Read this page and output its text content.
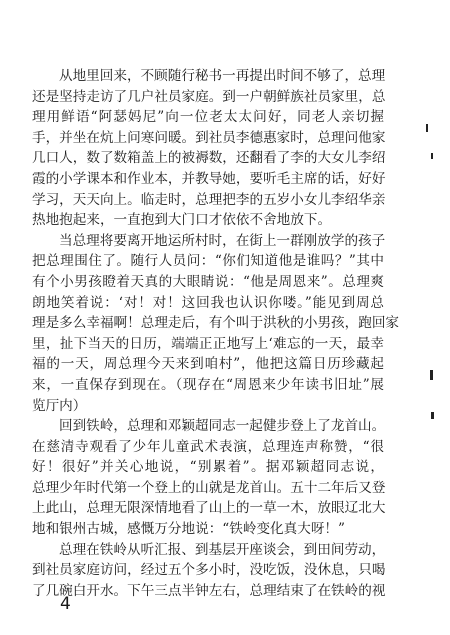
从地里回来，不顾随行秘书一再提出时间不够了，总理

还是坚持走访了几户社员家庭。到一户朝鲜族社员家里，总

理用鲜语“阿瑟妈尼”向一位老太太问好，同老人亲切握

手，并坐在炕上问寒问暖。到社员李德惠家时，总理问他家

几口人，数了数箱盖上的被褥数，还翻看了李的大女儿李绍

霞的小学课本和作业本，并教导她，要听毛主席的话，好好

学习，天天向上。临走时，总理把李的五岁小女儿李绍华亲

热地抱起来，一直抱到大门口才依依不舍地放下。

当总理将要离开地运所村时，在街上一群刚放学的孩子

把总理围住了。随行人员问：“你们知道他是谁吗？”其中

有个小男孩瞪着天真的大眼睛说：“他是周恩来”。总理爽

朗地笑着说：‘对！对！这回我也认识你喽。”能见到周总

理是多么幸福啊！总理走后，有个叫于洪秋的小男孩，跑回家

里，扯下当天的日历，端端正正地写上‘难忘的一天，最幸

福的一天，周总理今天来到咱村”，他把这篇日历珍藏起

来，一直保存到现在。（现存在“周恩来少年读书旧址”展

览厅内）

回到铁岭，总理和邓颖超同志一起健步登上了龙首山。

在慈清寺观看了少年儿童武术表演，总理连声称赞，“很

好！很好”并关心地说，“别累着”。据邓颖超同志说，

总理少年时代第一个登上的山就是龙首山。五十二年后又登

上此山，总理无限深情地看了山上的一草一木，放眼辽北大

地和银州古城，感慨万分地说：“铁岭变化真大呀！”

总理在铁岭从听汇报、到基层开座谈会，到田间劳动，

到社员家庭访问，经过五个多小时，没吃饭，没休息，只喝

了几碗白开水。下午三点半钟左右，总理结束了在铁岭的视

4
